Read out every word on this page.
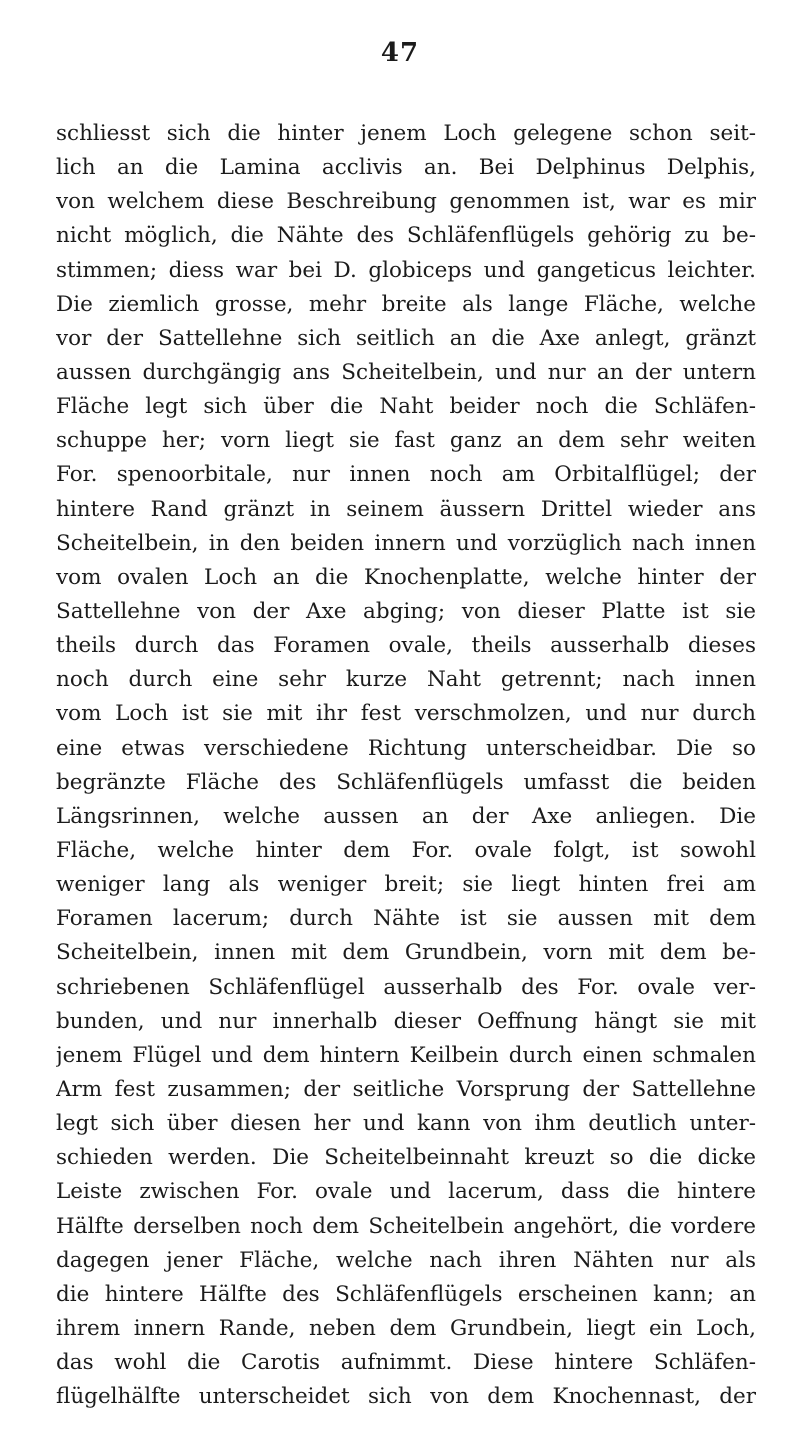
47
schliesst sich die hinter jenem Loch gelegene schon seit-
lich an die Lamina acclivis an. Bei Delphinus Delphis,
von welchem diese Beschreibung genommen ist, war es mir
nicht möglich, die Nähte des Schläfenflügels gehörig zu be-
stimmen; diess war bei D. globiceps und gangeticus leichter.
Die ziemlich grosse, mehr breite als lange Fläche, welche
vor der Sattellehne sich seitlich an die Axe anlegt, gränzt
aussen durchgängig ans Scheitelbein, und nur an der untern
Fläche legt sich über die Naht beider noch die Schläfen-
schuppe her; vorn liegt sie fast ganz an dem sehr weiten
For. spenoorbitale, nur innen noch am Orbitalflügel; der
hintere Rand gränzt in seinem äussern Drittel wieder ans
Scheitelbein, in den beiden innern und vorzüglich nach innen
vom ovalen Loch an die Knochenplatte, welche hinter der
Sattellehne von der Axe abging; von dieser Platte ist sie
theils durch das Foramen ovale, theils ausserhalb dieses
noch durch eine sehr kurze Naht getrennt; nach innen
vom Loch ist sie mit ihr fest verschmolzen, und nur durch
eine etwas verschiedene Richtung unterscheidbar. Die so
begränzte Fläche des Schläfenflügels umfasst die beiden
Längsrinnen, welche aussen an der Axe anliegen. Die
Fläche, welche hinter dem For. ovale folgt, ist sowohl
weniger lang als weniger breit; sie liegt hinten frei am
Foramen lacerum; durch Nähte ist sie aussen mit dem
Scheitelbein, innen mit dem Grundbein, vorn mit dem be-
schriebenen Schläfenflügel ausserhalb des For. ovale ver-
bunden, und nur innerhalb dieser Oeffnung hängt sie mit
jenem Flügel und dem hintern Keilbein durch einen schmalen
Arm fest zusammen; der seitliche Vorsprung der Sattellehne
legt sich über diesen her und kann von ihm deutlich unter-
schieden werden. Die Scheitelbeinnaht kreuzt so die dicke
Leiste zwischen For. ovale und lacerum, dass die hintere
Hälfte derselben noch dem Scheitelbein angehört, die vordere
dagegen jener Fläche, welche nach ihren Nähten nur als
die hintere Hälfte des Schläfenflügels erscheinen kann; an
ihrem innern Rande, neben dem Grundbein, liegt ein Loch,
das wohl die Carotis aufnimmt. Diese hintere Schläfen-
flügelhälfte unterscheidet sich von dem Knochennast, der
